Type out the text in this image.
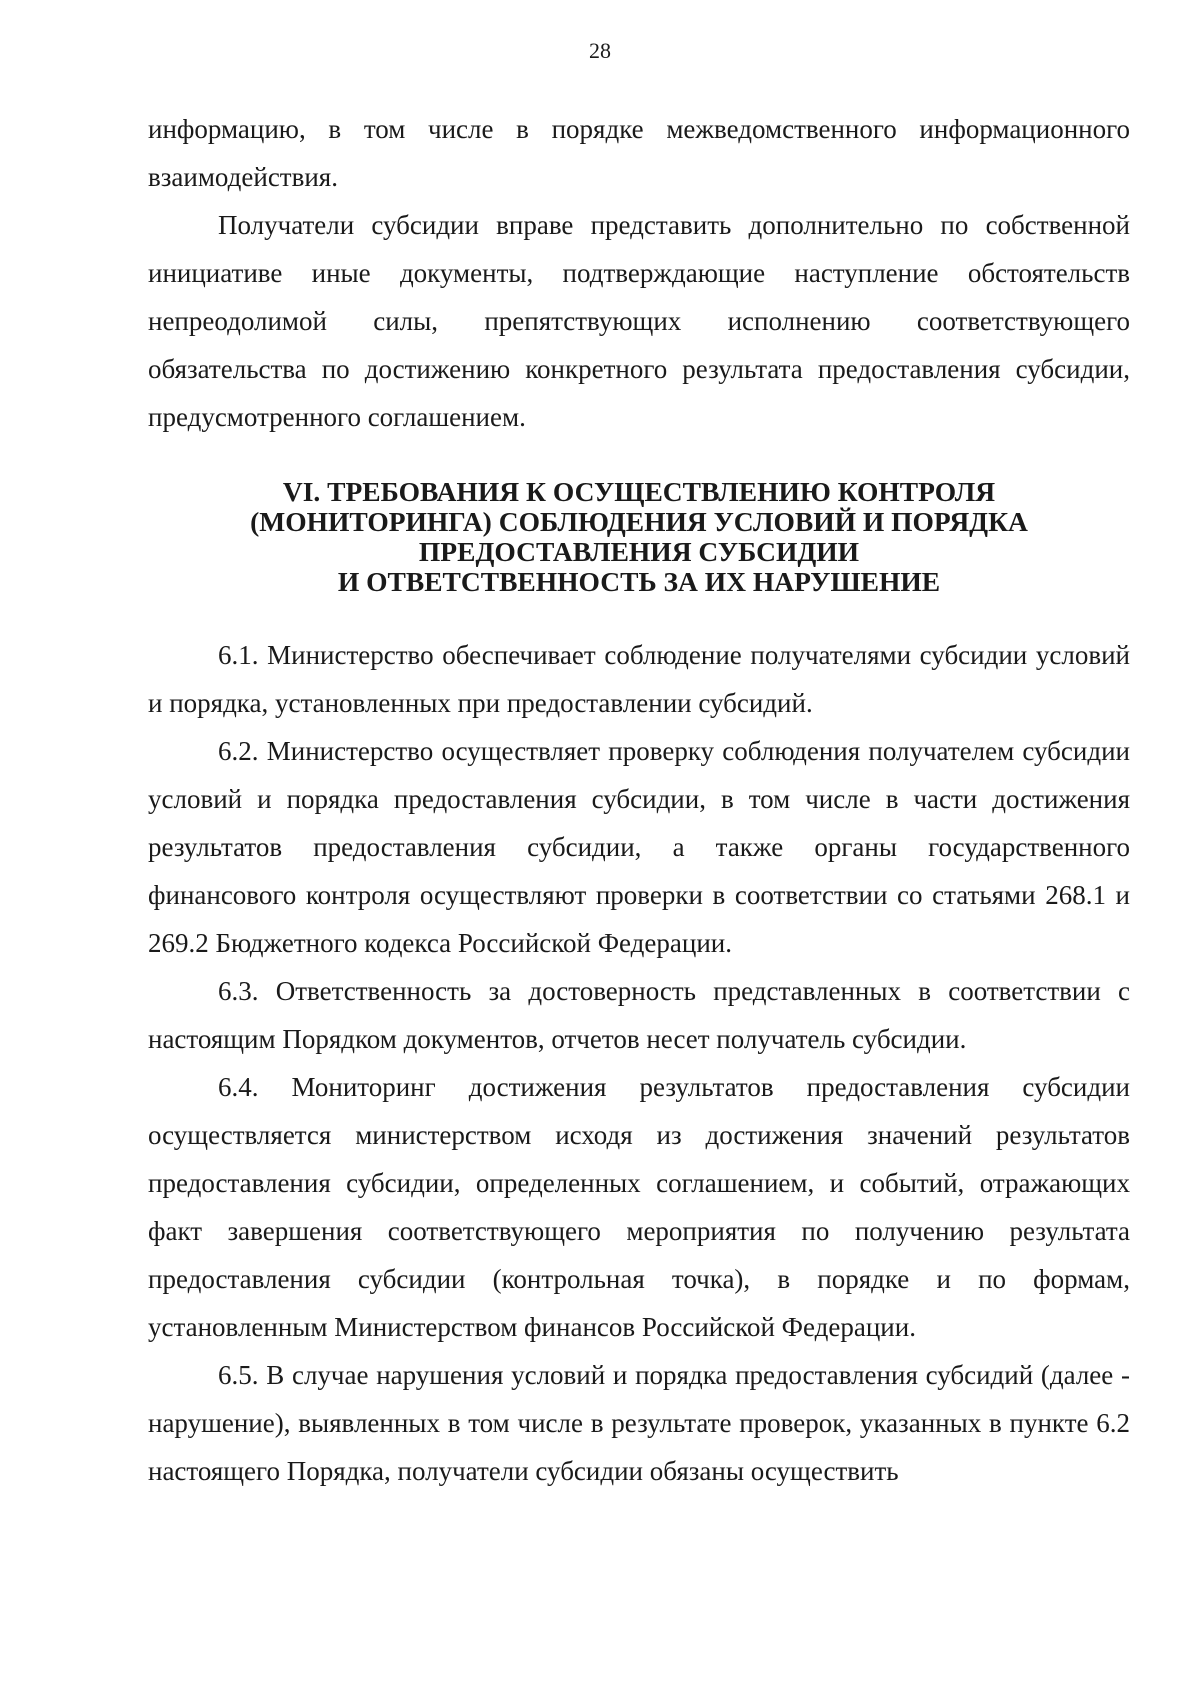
28

информацию, в том числе в порядке межведомственного информационного взаимодействия.

Получатели субсидии вправе представить дополнительно по собственной инициативе иные документы, подтверждающие наступление обстоятельств непреодолимой силы, препятствующих исполнению соответствующего обязательства по достижению конкретного результата предоставления субсидии, предусмотренного соглашением.

VI. ТРЕБОВАНИЯ К ОСУЩЕСТВЛЕНИЮ КОНТРОЛЯ
(МОНИТОРИНГА) СОБЛЮДЕНИЯ УСЛОВИЙ И ПОРЯДКА
ПРЕДОСТАВЛЕНИЯ СУБСИДИИ
И ОТВЕТСТВЕННОСТЬ ЗА ИХ НАРУШЕНИЕ

6.1. Министерство обеспечивает соблюдение получателями субсидии условий и порядка, установленных при предоставлении субсидий.

6.2. Министерство осуществляет проверку соблюдения получателем субсидии условий и порядка предоставления субсидии, в том числе в части достижения результатов предоставления субсидии, а также органы государственного финансового контроля осуществляют проверки в соответствии со статьями 268.1 и 269.2 Бюджетного кодекса Российской Федерации.

6.3. Ответственность за достоверность представленных в соответствии с настоящим Порядком документов, отчетов несет получатель субсидии.

6.4. Мониторинг достижения результатов предоставления субсидии осуществляется министерством исходя из достижения значений результатов предоставления субсидии, определенных соглашением, и событий, отражающих факт завершения соответствующего мероприятия по получению результата предоставления субсидии (контрольная точка), в порядке и по формам, установленным Министерством финансов Российской Федерации.

6.5. В случае нарушения условий и порядка предоставления субсидий (далее - нарушение), выявленных в том числе в результате проверок, указанных в пункте 6.2 настоящего Порядка, получатели субсидии обязаны осуществить
